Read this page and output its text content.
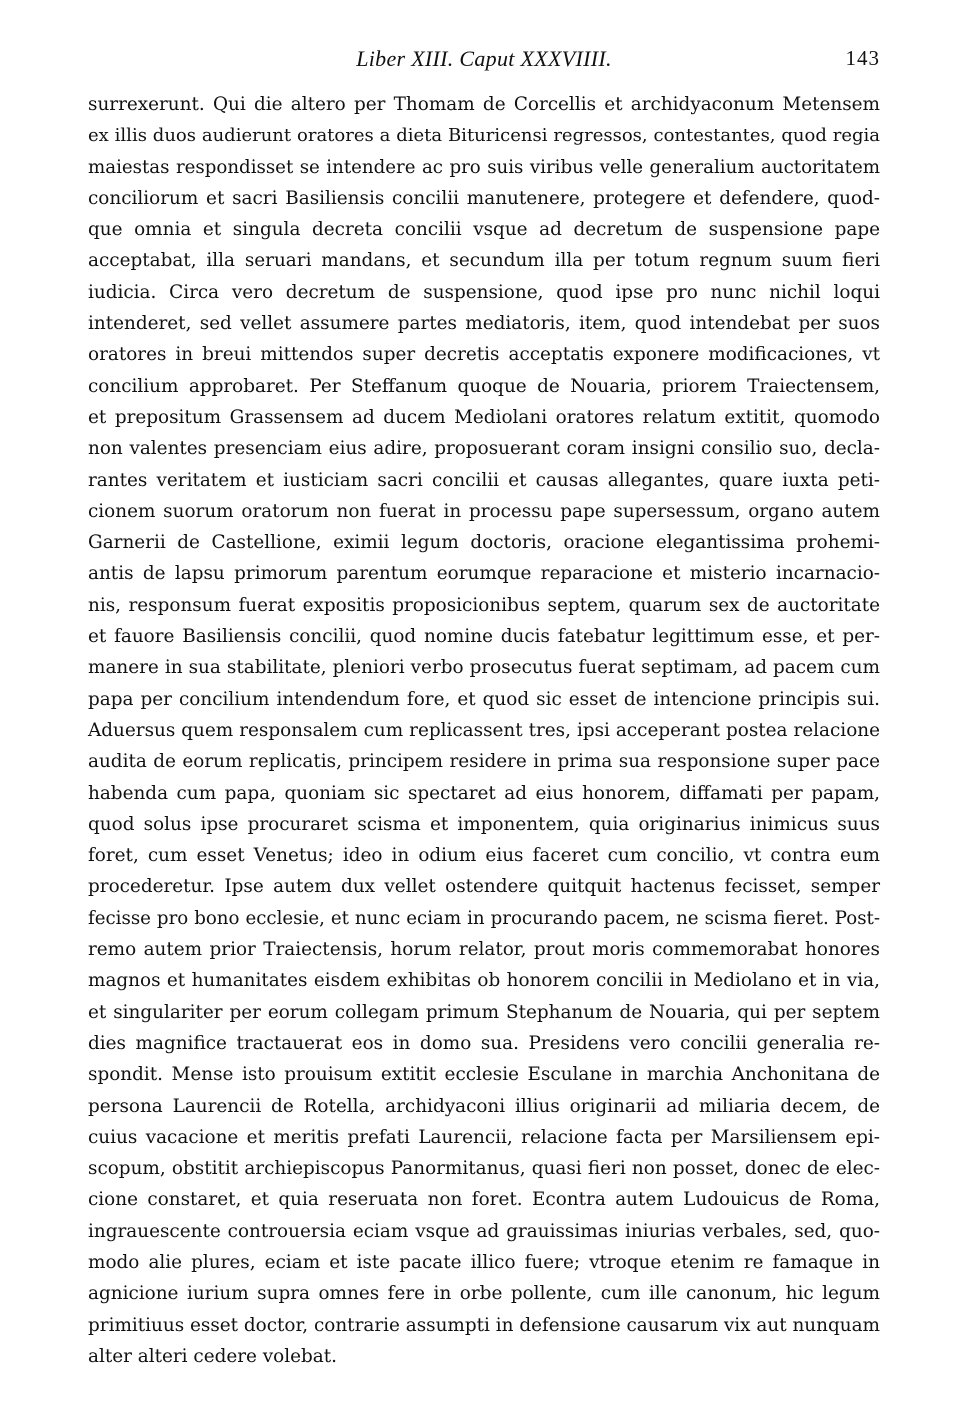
Liber XIII. Caput XXXVIIII.	143
surrexerunt. Qui die altero per Thomam de Corcellis et archidyaconum Metensem
ex illis duos audierunt oratores a dieta Bituricensi regressos, contestantes, quod regia
maiestas respondisset se intendere ac pro suis viribus velle generalium auctoritatem
conciliorum et sacri Basiliensis concilii manutenere, protegere et defendere, quod-
que omnia et singula decreta concilii vsque ad decretum de suspensione pape
acceptabat, illa seruari mandans, et secundum illa per totum regnum suum fieri
iudicia. Circa vero decretum de suspensione, quod ipse pro nunc nichil loqui
intenderet, sed vellet assumere partes mediatoris, item, quod intendebat per suos
oratores in breui mittendos super decretis acceptatis exponere modificaciones, vt
concilium approbaret. Per Steffanum quoque de Nouaria, priorem Traiectensem,
et prepositum Grassensem ad ducem Mediolani oratores relatum extitit, quomodo
non valentes presenciam eius adire, proposuerant coram insigni consilio suo, decla-
rantes veritatem et iusticiam sacri concilii et causas allegantes, quare iuxta peti-
cionem suorum oratorum non fuerat in processu pape supersessum, organo autem
Garnerii de Castellione, eximii legum doctoris, oracione elegantissima prohemi-
antis de lapsu primorum parentum eorumque reparacione et misterio incarnacio-
nis, responsum fuerat expositis proposicionibus septem, quarum sex de auctoritate
et fauore Basiliensis concilii, quod nomine ducis fatebatur legittimum esse, et per-
manere in sua stabilitate, pleniori verbo prosecutus fuerat septimam, ad pacem cum
papa per concilium intendendum fore, et quod sic esset de intencione principis sui.
Aduersus quem responsalem cum replicassent tres, ipsi acceperant postea relacione
audita de eorum replicatis, principem residere in prima sua responsione super pace
habenda cum papa, quoniam sic spectaret ad eius honorem, diffamati per papam,
quod solus ipse procuraret scisma et imponentem, quia originarius inimicus suus
foret, cum esset Venetus; ideo in odium eius faceret cum concilio, vt contra eum
procederetur. Ipse autem dux vellet ostendere quitquit hactenus fecisset, semper
fecisse pro bono ecclesie, et nunc eciam in procurando pacem, ne scisma fieret. Post-
remo autem prior Traiectensis, horum relator, prout moris commemorabat honores
magnos et humanitates eisdem exhibitas ob honorem concilii in Mediolano et in via,
et singulariter per eorum collegam primum Stephanum de Nouaria, qui per septem
dies magnifice tractauerat eos in domo sua. Presidens vero concilii generalia re-
spondit. Mense isto prouisum extitit ecclesie Esculane in marchia Anchonitana de
persona Laurencii de Rotella, archidyaconi illius originarii ad miliaria decem, de
cuius vacacione et meritis prefati Laurencii, relacione facta per Marsiliensem epi-
scopum, obstitit archiepiscopus Panormitanus, quasi fieri non posset, donec de elec-
cione constaret, et quia reseruata non foret. Econtra autem Ludouicus de Roma,
ingrauescente controuersia eciam vsque ad grauissimas iniurias verbales, sed, quo-
modo alie plures, eciam et iste pacate illico fuere; vtroque etenim re famaque in
agnicione iurium supra omnes fere in orbe pollente, cum ille canonum, hic legum
primitiuus esset doctor, contrarie assumpti in defensione causarum vix aut nunquam
alter alteri cedere volebat.
